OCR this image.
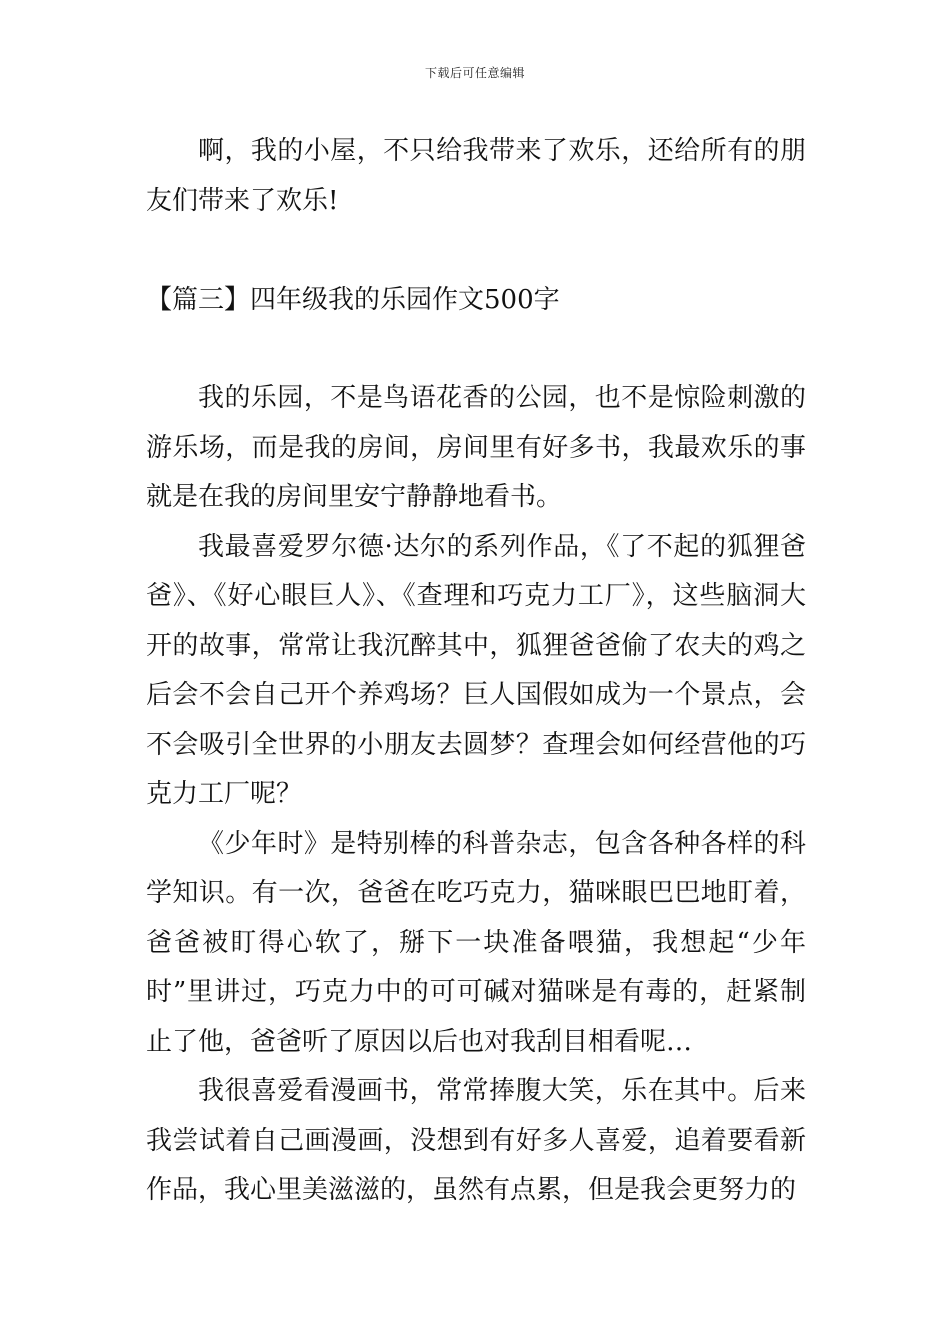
下载后可任意编辑

啊，我的小屋，不只给我带来了欢乐，还给所有的朋友们带来了欢乐!

【篇三】四年级我的乐园作文500字

我的乐园，不是鸟语花香的公园，也不是惊险刺激的游乐场，而是我的房间，房间里有好多书，我最欢乐的事就是在我的房间里安宁静静地看书。

我最喜爱罗尔德·达尔的系列作品，《了不起的狐狸爸爸》、《好心眼巨人》、《查理和巧克力工厂》，这些脑洞大开的故事，常常让我沉醉其中，狐狸爸爸偷了农夫的鸡之后会不会自己开个养鸡场？巨人国假如成为一个景点，会不会吸引全世界的小朋友去圆梦？查理会如何经营他的巧克力工厂呢？

《少年时》是特别棒的科普杂志，包含各种各样的科学知识。有一次，爸爸在吃巧克力，猫咪眼巴巴地盯着，爸爸被盯得心软了，掰下一块准备喂猫，我想起“少年时”里讲过，巧克力中的可可碱对猫咪是有毒的，赶紧制止了他，爸爸听了原因以后也对我刮目相看呢…

我很喜爱看漫画书，常常捧腹大笑，乐在其中。后来我尝试着自己画漫画，没想到有好多人喜爱，追着要看新作品，我心里美滋滋的，虽然有点累，但是我会更努力的
